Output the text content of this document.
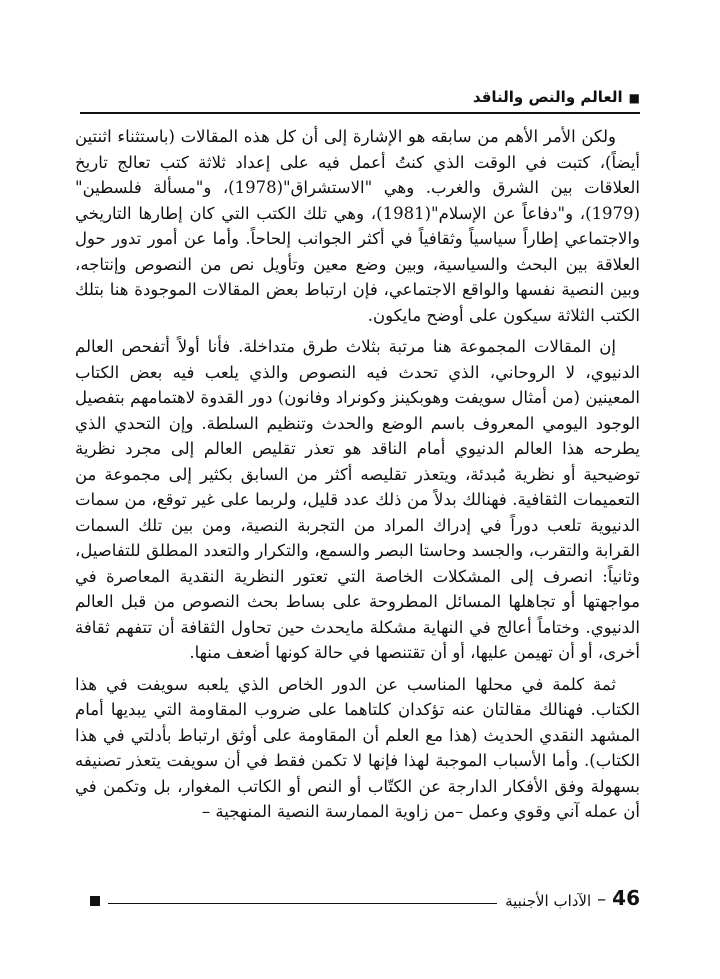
■العالم والنص والناقد

ولكن الأمر الأهم من سابقه هو الإشارة إلى أن كل هذه المقالات (باستثناء اثنتين أيضاً)، كتبت في الوقت الذي كنتُ أعمل فيه على إعداد ثلاثة كتب تعالج تاريخ العلاقات بين الشرق والغرب. وهي "الاستشراق"(1978)، و"مسألة فلسطين"(1979)، و"دفاعاً عن الإسلام"(1981)، وهي تلك الكتب التي كان إطارها التاريخي والاجتماعي إطاراً سياسياً وثقافياً في أكثر الجوانب إلحاحاً. وأما عن أمور تدور حول العلاقة بين البحث والسياسية، وبين وضع معين وتأويل نص من النصوص وإنتاجه، وبين النصية نفسها والواقع الاجتماعي، فإن ارتباط بعض المقالات الموجودة هنا بتلك الكتب الثلاثة سيكون على أوضح مايكون.

إن المقالات المجموعة هنا مرتبة بثلاث طرق متداخلة. فأنا أولاً أتفحص العالم الدنيوي، لا الروحاني، الذي تحدث فيه النصوص والذي يلعب فيه بعض الكتاب المعينين (من أمثال سويفت وهوبكينز وكونراد وفانون) دور القدوة لاهتمامهم بتفصيل الوجود اليومي المعروف باسم الوضع والحدث وتنظيم السلطة. وإن التحدي الذي يطرحه هذا العالم الدنيوي أمام الناقد هو تعذر تقليص العالم إلى مجرد نظرية توضيحية أو نظرية مُبدئة، ويتعذر تقليصه أكثر من السابق بكثير إلى مجموعة من التعميمات الثقافية. فهنالك بدلاً من ذلك عدد قليل، ولربما على غير توقع، من سمات الدنيوية تلعب دوراً في إدراك المراد من التجربة النصية، ومن بين تلك السمات القرابة والتقرب، والجسد وحاستا البصر والسمع، والتكرار والتعدد المطلق للتفاصيل، وثانياً: انصرف إلى المشكلات الخاصة التي تعتور النظرية النقدية المعاصرة في مواجهتها أو تجاهلها المسائل المطروحة على بساط بحث النصوص من قبل العالم الدنيوي. وختاماً أعالج في النهاية مشكلة مايحدث حين تحاول الثقافة أن تتفهم ثقافة أخرى، أو أن تهيمن عليها، أو أن تقتنصها في حالة كونها أضعف منها.

ثمة كلمة في محلها المناسب عن الدور الخاص الذي يلعبه سويفت في هذا الكتاب. فهنالك مقالتان عنه تؤكدان كلتاهما على ضروب المقاومة التي يبديها أمام المشهد النقدي الحديث (هذا مع العلم أن المقاومة على أوثق ارتباط بأدلتي في هذا الكتاب). وأما الأسباب الموجبة لهذا فإنها لا تكمن فقط في أن سويفت يتعذر تصنيفه بسهولة وفق الأفكار الدارجة عن الكتّاب أو النص أو الكاتب المغوار، بل وتكمن في أن عمله آني وقوي وعمل –من زاوية الممارسة النصية المنهجية –

46
–
الآداب الأجنبية
